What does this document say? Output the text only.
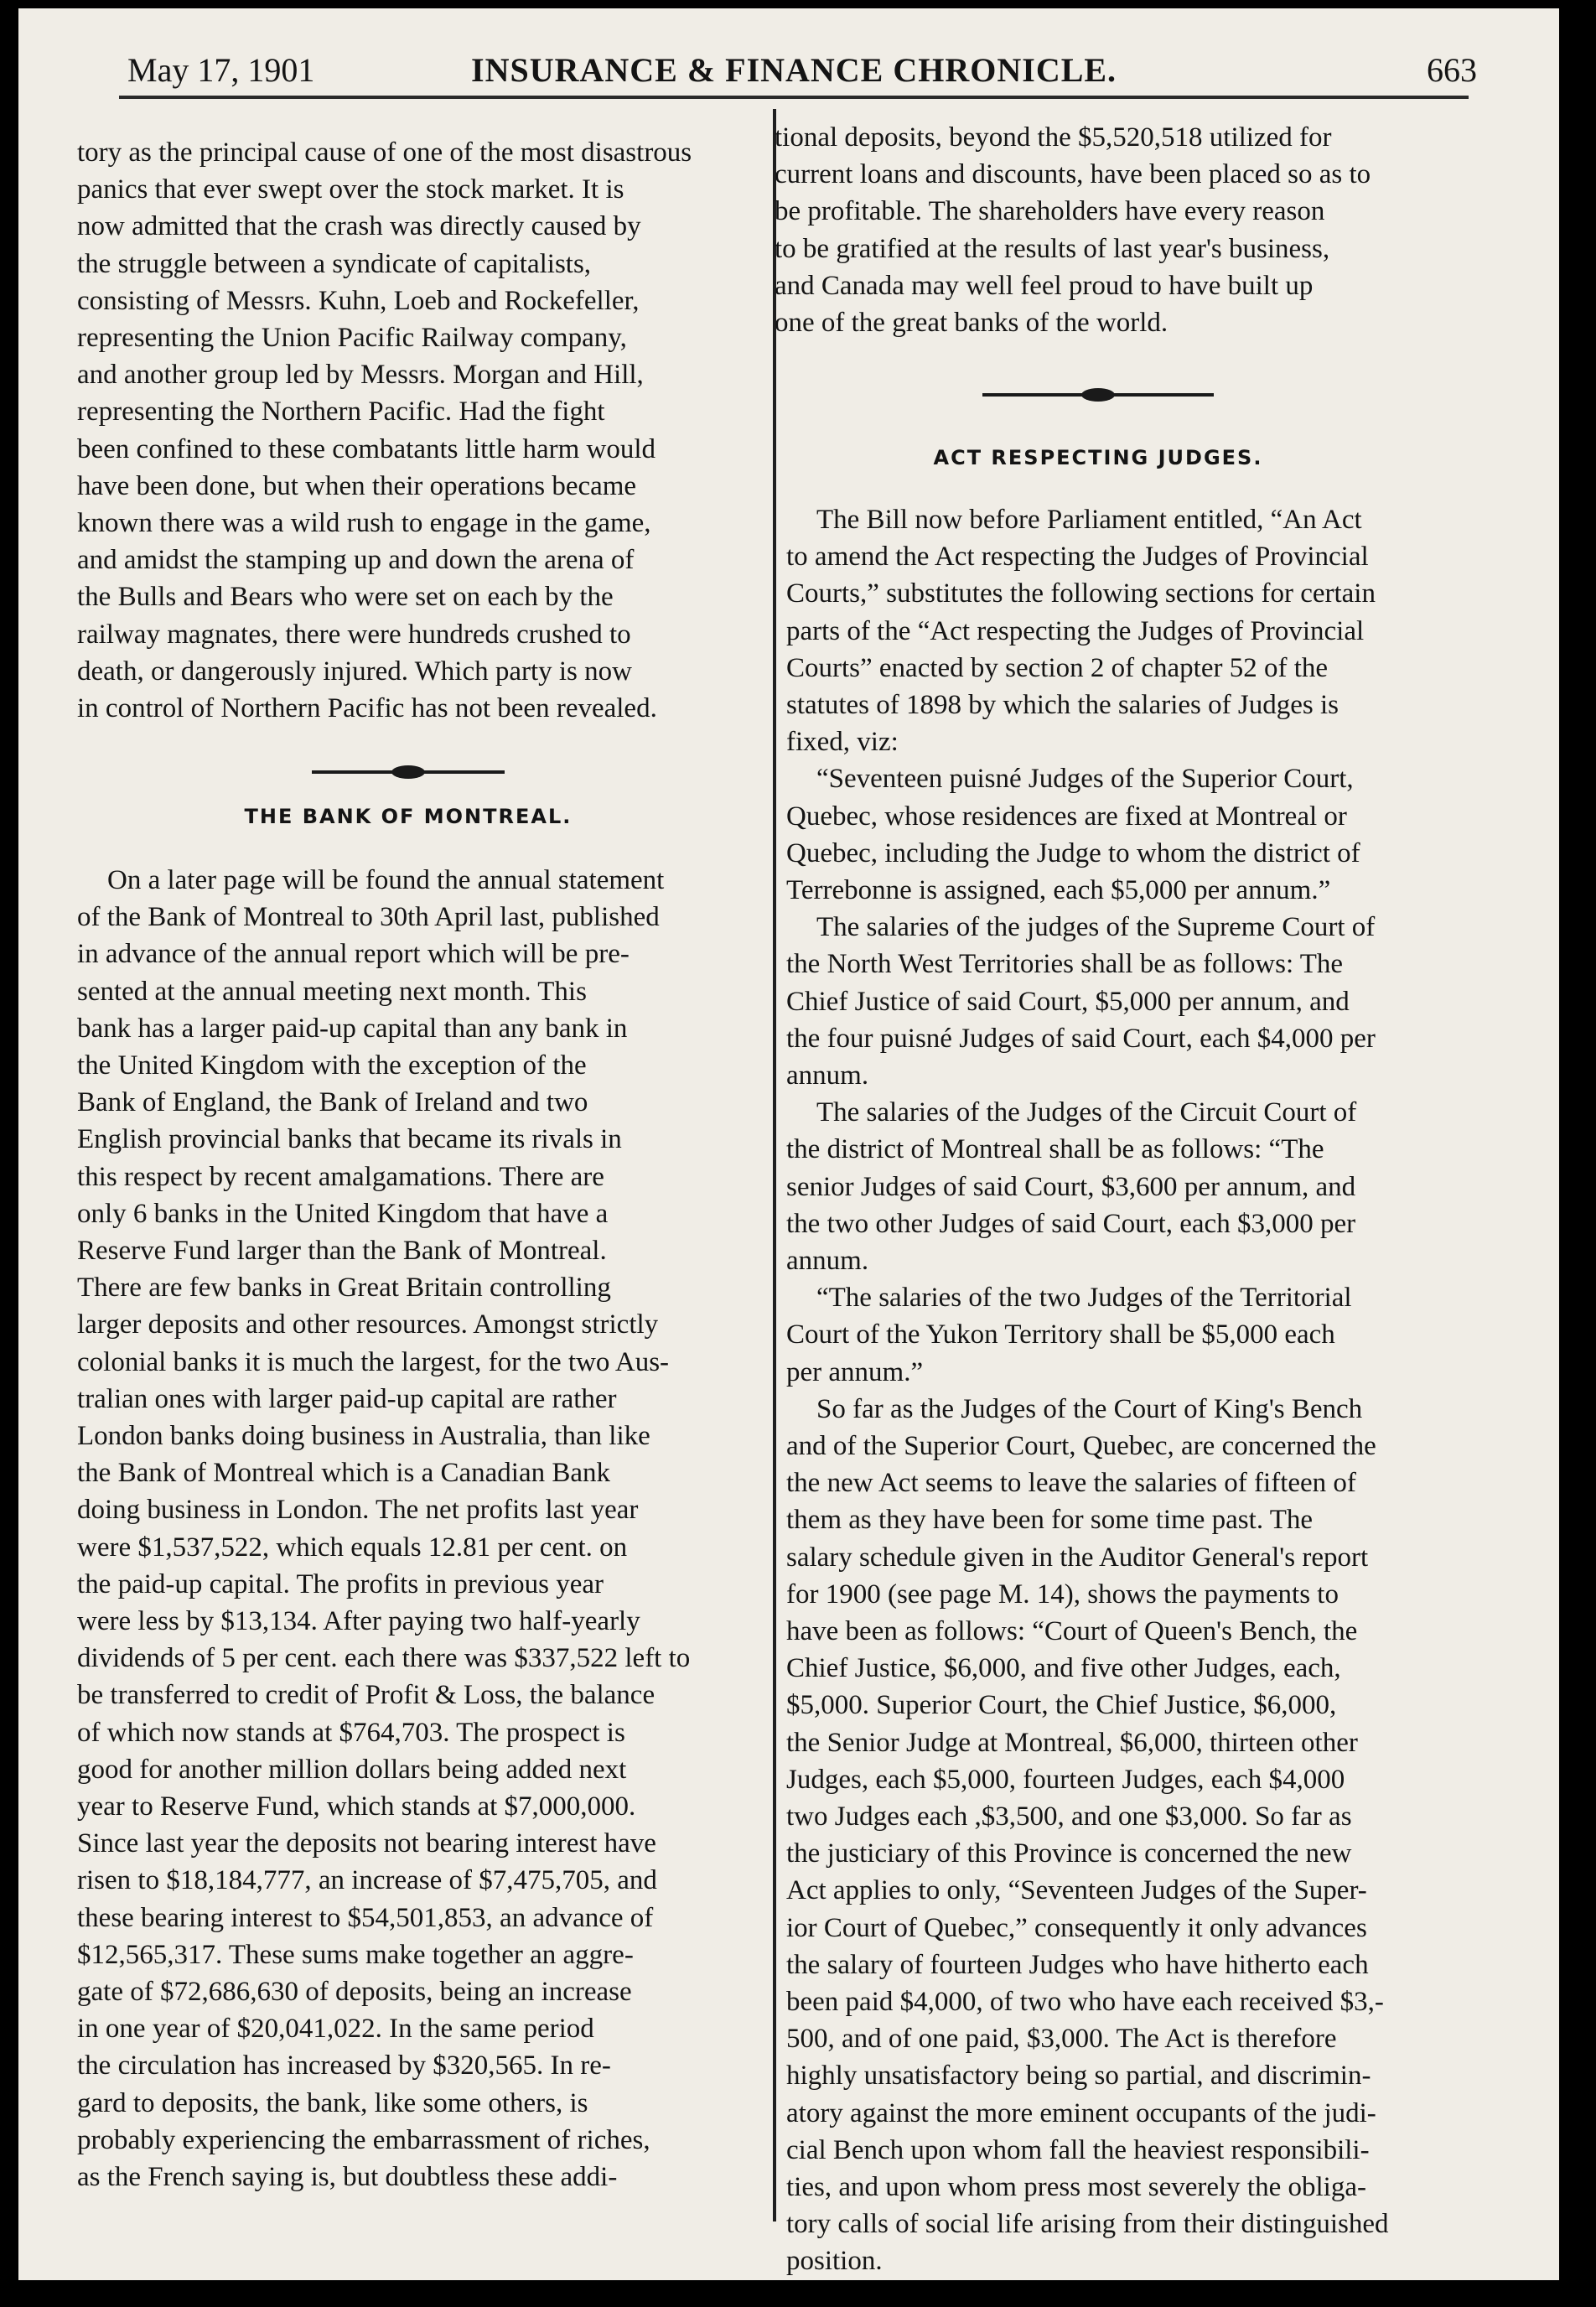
May 17, 1901	INSURANCE & FINANCE CHRONICLE.	663
tory as the principal cause of one of the most disastrous
panics that ever swept over the stock market. It is
now admitted that the crash was directly caused by
the struggle between a syndicate of capitalists,
consisting of Messrs. Kuhn, Loeb and Rockefeller,
representing the Union Pacific Railway company,
and another group led by Messrs. Morgan and Hill,
representing the Northern Pacific. Had the fight
been confined to these combatants little harm would
have been done, but when their operations became
known there was a wild rush to engage in the game,
and amidst the stamping up and down the arena of
the Bulls and Bears who were set on each by the
railway magnates, there were hundreds crushed to
death, or dangerously injured. Which party is now
in control of Northern Pacific has not been revealed.
THE BANK OF MONTREAL.
On a later page will be found the annual statement
of the Bank of Montreal to 30th April last, published
in advance of the annual report which will be pre-
sented at the annual meeting next month. This
bank has a larger paid-up capital than any bank in
the United Kingdom with the exception of the
Bank of England, the Bank of Ireland and two
English provincial banks that became its rivals in
this respect by recent amalgamations. There are
only 6 banks in the United Kingdom that have a
Reserve Fund larger than the Bank of Montreal.
There are few banks in Great Britain controlling
larger deposits and other resources. Amongst strictly
colonial banks it is much the largest, for the two Aus-
tralian ones with larger paid-up capital are rather
London banks doing business in Australia, than like
the Bank of Montreal which is a Canadian Bank
doing business in London. The net profits last year
were $1,537,522, which equals 12.81 per cent. on
the paid-up capital. The profits in previous year
were less by $13,134. After paying two half-yearly
dividends of 5 per cent. each there was $337,522 left to
be transferred to credit of Profit & Loss, the balance
of which now stands at $764,703. The prospect is
good for another million dollars being added next
year to Reserve Fund, which stands at $7,000,000.
Since last year the deposits not bearing interest have
risen to $18,184,777, an increase of $7,475,705, and
these bearing interest to $54,501,853, an advance of
$12,565,317. These sums make together an aggre-
gate of $72,686,630 of deposits, being an increase
in one year of $20,041,022. In the same period
the circulation has increased by $320,565. In re-
gard to deposits, the bank, like some others, is
probably experiencing the embarrassment of riches,
as the French saying is, but doubtless these addi-
tional deposits, beyond the $5,520,518 utilized for
current loans and discounts, have been placed so as to
be profitable. The shareholders have every reason
to be gratified at the results of last year's business,
and Canada may well feel proud to have built up
one of the great banks of the world.
ACT RESPECTING JUDGES.
The Bill now before Parliament entitled, “An Act
to amend the Act respecting the Judges of Provincial
Courts,” substitutes the following sections for certain
parts of the “Act respecting the Judges of Provincial
Courts” enacted by section 2 of chapter 52 of the
statutes of 1898 by which the salaries of Judges is
fixed, viz:
“Seventeen puisné Judges of the Superior Court,
Quebec, whose residences are fixed at Montreal or
Quebec, including the Judge to whom the district of
Terrebonne is assigned, each $5,000 per annum.”
The salaries of the judges of the Supreme Court of
the North West Territories shall be as follows: The
Chief Justice of said Court, $5,000 per annum, and
the four puisné Judges of said Court, each $4,000 per
annum.
The salaries of the Judges of the Circuit Court of
the district of Montreal shall be as follows: “The
senior Judges of said Court, $3,600 per annum, and
the two other Judges of said Court, each $3,000 per
annum.
“The salaries of the two Judges of the Territorial
Court of the Yukon Territory shall be $5,000 each
per annum.”
So far as the Judges of the Court of King's Bench
and of the Superior Court, Quebec, are concerned the
the new Act seems to leave the salaries of fifteen of
them as they have been for some time past. The
salary schedule given in the Auditor General's report
for 1900 (see page M. 14), shows the payments to
have been as follows: “Court of Queen's Bench, the
Chief Justice, $6,000, and five other Judges, each,
$5,000. Superior Court, the Chief Justice, $6,000,
the Senior Judge at Montreal, $6,000, thirteen other
Judges, each $5,000, fourteen Judges, each $4,000
two Judges each ,$3,500, and one $3,000. So far as
the justiciary of this Province is concerned the new
Act applies to only, “Seventeen Judges of the Super-
ior Court of Quebec,” consequently it only advances
the salary of fourteen Judges who have hitherto each
been paid $4,000, of two who have each received $3,-
500, and of one paid, $3,000. The Act is therefore
highly unsatisfactory being so partial, and discrimin-
atory against the more eminent occupants of the judi-
cial Bench upon whom fall the heaviest responsibili-
ties, and upon whom press most severely the obliga-
tory calls of social life arising from their distinguished
position.
